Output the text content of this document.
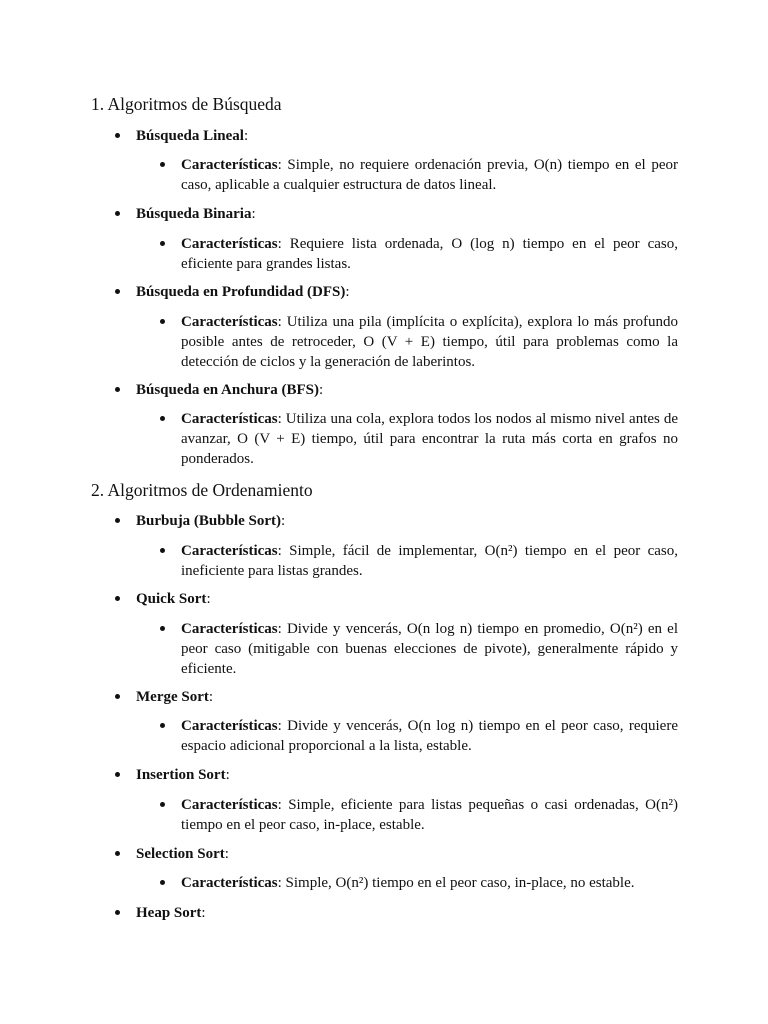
1. Algoritmos de Búsqueda
Búsqueda Lineal:
Características: Simple, no requiere ordenación previa, O(n) tiempo en el peor caso, aplicable a cualquier estructura de datos lineal.
Búsqueda Binaria:
Características: Requiere lista ordenada, O (log n) tiempo en el peor caso, eficiente para grandes listas.
Búsqueda en Profundidad (DFS):
Características: Utiliza una pila (implícita o explícita), explora lo más profundo posible antes de retroceder, O (V + E) tiempo, útil para problemas como la detección de ciclos y la generación de laberintos.
Búsqueda en Anchura (BFS):
Características: Utiliza una cola, explora todos los nodos al mismo nivel antes de avanzar, O (V + E) tiempo, útil para encontrar la ruta más corta en grafos no ponderados.
2. Algoritmos de Ordenamiento
Burbuja (Bubble Sort):
Características: Simple, fácil de implementar, O(n²) tiempo en el peor caso, ineficiente para listas grandes.
Quick Sort:
Características: Divide y vencerás, O(n log n) tiempo en promedio, O(n²) en el peor caso (mitigable con buenas elecciones de pivote), generalmente rápido y eficiente.
Merge Sort:
Características: Divide y vencerás, O(n log n) tiempo en el peor caso, requiere espacio adicional proporcional a la lista, estable.
Insertion Sort:
Características: Simple, eficiente para listas pequeñas o casi ordenadas, O(n²) tiempo en el peor caso, in-place, estable.
Selection Sort:
Características: Simple, O(n²) tiempo en el peor caso, in-place, no estable.
Heap Sort:
